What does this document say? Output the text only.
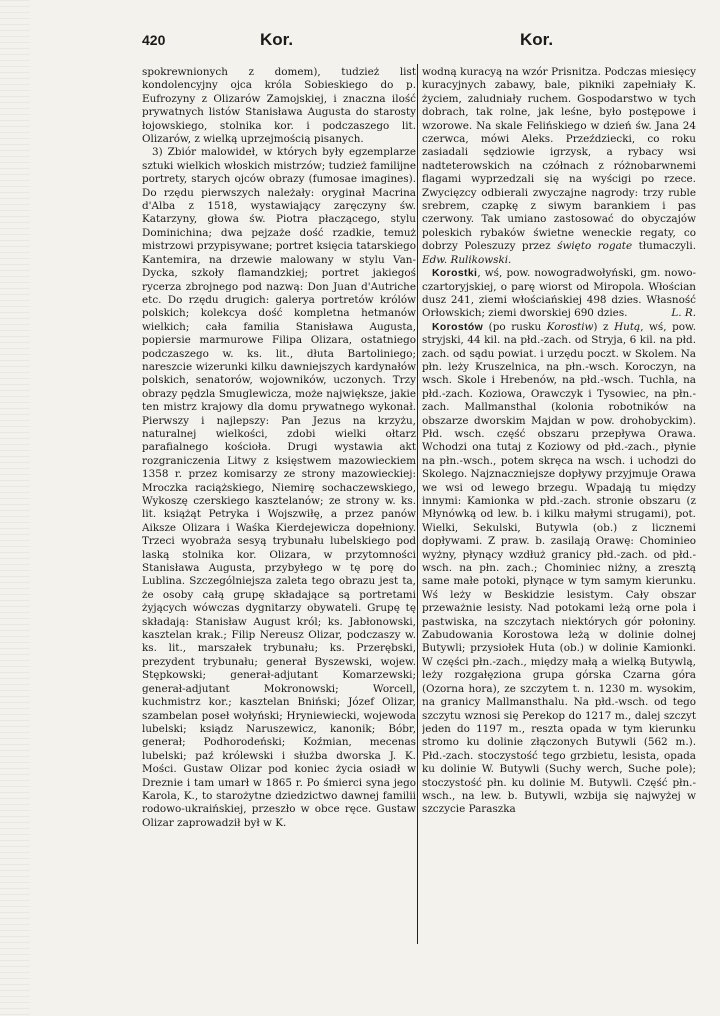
420	Kor.	Kor.

spokrewnionych z domem), tudzież list kondolencyjny ojca króla Sobieskiego do p. Eufrozyny z Olizarów Zamojskiej, i znaczna ilość prywatnych listów Stanisława Augusta do starosty łojowskiego, stolnika kor. i podczaszego lit. Olizarów, z wielką uprzejmością pisanych.

3) Zbiór malowideł, w których były egzemplarze sztuki wielkich włoskich mistrzów; tudzież familijne portrety, starych ojców obrazy (fumosae imagines). Do rzędu pierwszych należały: oryginał Macrina d'Alba z 1518, wystawiający zaręczyny św. Katarzyny, głowa św. Piotra płaczącego, stylu Dominichina; dwa pejzaże dość rzadkie, temuż mistrzowi przypisywane; portret księcia tatarskiego Kantemira, na drzewie malowany w stylu Van-Dycka, szkoły flamandzkiej; portret jakiegoś rycerza zbrojnego pod nazwą: Don Juan d'Autriche etc. Do rzędu drugich: galerya portretów królów polskich; kolekcya dość kompletna hetmanów wielkich; cała familia Stanisława Augusta, popiersie marmurowe Filipa Olizara, ostatniego podczaszego w. ks. lit., dłuta Bartoliniego; nareszcie wizerunki kilku dawniejszych kardynałów polskich, senatorów, wojowników, uczonych. Trzy obrazy pędzla Smuglewicza, może największe, jakie ten mistrz krajowy dla domu prywatnego wykonał. Pierwszy i najlepszy: Pan Jezus na krzyżu, naturalnej wielkości, zdobi wielki ołtarz parafialnego kościoła. Drugi wystawia akt rozgraniczenia Litwy z księstwem mazowieckiem 1358 r. przez komisarzy ze strony mazowieckiej: Mroczka raciążskiego, Niemirę sochaczewskiego, Wykoszę czerskiego kasztelanów; ze strony w. ks. lit. książąt Petryka i Wojszwiłę, a przez panów Aiksze Olizara i Waśka Kierdejewicza dopełniony. Trzeci wyobraża sesyą trybunału lubelskiego pod laską stolnika kor. Olizara, w przytomności Stanisława Augusta, przybyłego w tę porę do Lublina. Szczególniejsza zaleta tego obrazu jest ta, że osoby całą grupę składające są portretami żyjących wówczas dygnitarzy obywateli. Grupę tę składają: Stanisław August król; ks. Jabłonowski, kasztelan krak.; Filip Nereusz Olizar, podczaszy w. ks. lit., marszałek trybunału; ks. Przerębski, prezydent trybunału; generał Byszewski, wojew. Stępkowski; generał-adjutant Komarzewski; generał-adjutant Mokronowski; Worcell, kuchmistrz kor.; kasztelan Bniński; Józef Olizar, szambelan poseł wołyński; Hryniewiecki, wojewoda lubelski; ksiądz Naruszewicz, kanonik; Bóbr, generał; Podhorodeński; Koźmian, mecenas lubelski; paź królewski i służba dworska J. K. Mości. Gustaw Olizar pod koniec życia osiadł w Dreznie i tam umarł w 1865 r. Po śmierci syna jego Karola, K., to starożytne dziedzictwo dawnej familii rodowo-ukraińskiej, przeszło w obce ręce. Gustaw Olizar zaprowadził był w K.

wodną kuracyą na wzór Prisnitza. Podczas miesięcy kuracyjnych zabawy, bale, pikniki zapełniały K. życiem, zaludniały ruchem. Gospodarstwo w tych dobrach, tak rolne, jak leśne, było postępowe i wzorowe. Na skale Felińskiego w dzień św. Jana 24 czerwca, mówi Aleks. Przeździecki, co roku zasiadali sędziowie igrzysk, a rybacy wsi nadteterowskich na czółnach z różnobarwnemi flagami wyprzedzali się na wyścigi po rzece. Zwycięzcy odbierali zwyczajne nagrody: trzy ruble srebrem, czapkę z siwym barankiem i pas czerwony. Tak umiano zastosować do obyczajów poleskich rybaków świetne weneckie regaty, co dobrzy Poleszuzy przez święto rogate tłumaczyli. Edw. Rulikowski.

Korostki, wś, pow. nowogradwołyński, gm. nowo-czartoryjskiej, o parę wiorst od Miropola. Włościan dusz 241, ziemi włościańskiej 498 dzies. Własność Orłowskich; ziemi dworskiej 690 dzies.	L. R.

Korostów (po rusku Korostiw) z Hutą, wś, pow. stryjski, 44 kil. na płd.-zach. od Stryja, 6 kil. na płd. zach. od sądu powiat. i urzędu poczt. w Skolem. Na płn. leży Kruszelnica, na płn.-wsch. Koroczyn, na wsch. Skole i Hrebenów, na płd.-wsch. Tuchla, na płd.-zach. Koziowa, Orawczyk i Tysowiec, na płn.-zach. Mallmansthal (kolonia robotników na obszarze dworskim Majdan w pow. drohobyckim). Płd. wsch. część obszaru przepływa Orawa. Wchodzi ona tutaj z Koziowy od płd.-zach., płynie na płn.-wsch., potem skręca na wsch. i uchodzi do Skolego. Najznaczniejsze dopływy przyjmuje Orawa we wsi od lewego brzegu. Wpadają tu między innymi: Kamionka w płd.-zach. stronie obszaru (z Młynówką od lew. b. i kilku małymi strugami), pot. Wielki, Sekulski, Butywla (ob.) z licznemi dopływami. Z praw. b. zasilają Orawę: Chominieo wyżny, płynący wzdłuż granicy płd.-zach. od płd.-wsch. na płn. zach.; Chominiec niżny, a zresztą same małe potoki, płynące w tym samym kierunku. Wś leży w Beskidzie lesistym. Cały obszar przeważnie lesisty. Nad potokami leżą orne pola i pastwiska, na szczytach niektórych gór połoniny. Zabudowania Korostowa leżą w dolinie dolnej Butywli; przysiołek Huta (ob.) w dolinie Kamionki. W części płn.-zach., między małą a wielką Butywlą, leży rozgałęziona grupa górska Czarna góra (Ozorna hora), ze szczytem t. n. 1230 m. wysokim, na granicy Mallmansthalu. Na płd.-wsch. od tego szczytu wznosi się Perekop do 1217 m., dalej szczyt jeden do 1197 m., reszta opada w tym kierunku stromo ku dolinie złączonych Butywli (562 m.). Płd.-zach. stoczystość tego grzbietu, lesista, opada ku dolinie W. Butywli (Suchy werch, Suche pole); stoczystość płn. ku dolinie M. Butywli. Część płn.-wsch., na lew. b. Butywli, wzbija się najwyżej w szczycie Paraszka
